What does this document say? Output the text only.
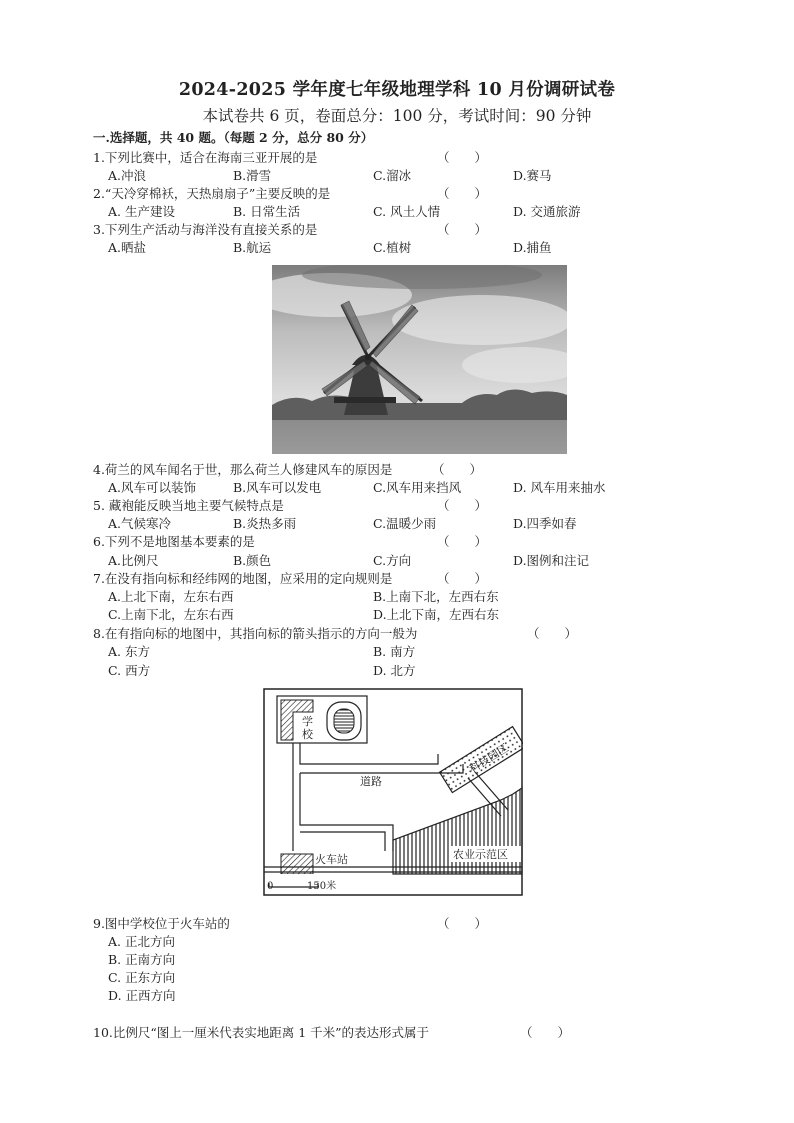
2024-2025 学年度七年级地理学科 10 月份调研试卷
本试卷共 6 页，卷面总分：100 分，考试时间：90 分钟
一.选择题，共 40 题。（每题 2 分，总分 80 分）
1.下列比赛中，适合在海南三亚开展的是	（　　）
A.冲浪	B.滑雪	C.溜冰	D.赛马
2.“天冷穿棉袄，天热扇扇子”主要反映的是	（　　）
A. 生产建设	B. 日常生活	C. 风土人情	D. 交通旅游
3.下列生产活动与海洋没有直接关系的是	（　　）
A.晒盐	B.航运	C.植树	D.捕鱼
4.荷兰的风车闻名于世，那么荷兰人修建风车的原因是	（　　）
A.风车可以装饰	B.风车可以发电	C.风车用来挡风	D. 风车用来抽水
5. 藏袍能反映当地主要气候特点是	（　　）
A.气候寒冷	B.炎热多雨	C.温暖少雨	D.四季如春
6.下列不是地图基本要素的是	（　　）
A.比例尺	B.颜色	C.方向	D.图例和注记
7.在没有指向标和经纬网的地图，应采用的定向规则是	（　　）
A.上北下南，左东右西	B.上南下北，左西右东
C.上南下北，左东右西	D.上北下南，左西右东
8.在有指向标的地图中，其指向标的箭头指示的方向一般为	（　　）
A. 东方	B. 南方
C. 西方	D. 北方
学
校
道路
火车站	农业示范区
科技园区
0	150米
9.图中学校位于火车站的	（　　）
A. 正北方向
B. 正南方向
C. 正东方向
D. 正西方向
10.比例尺“图上一厘米代表实地距离 1 千米”的表达形式属于	（　　）
